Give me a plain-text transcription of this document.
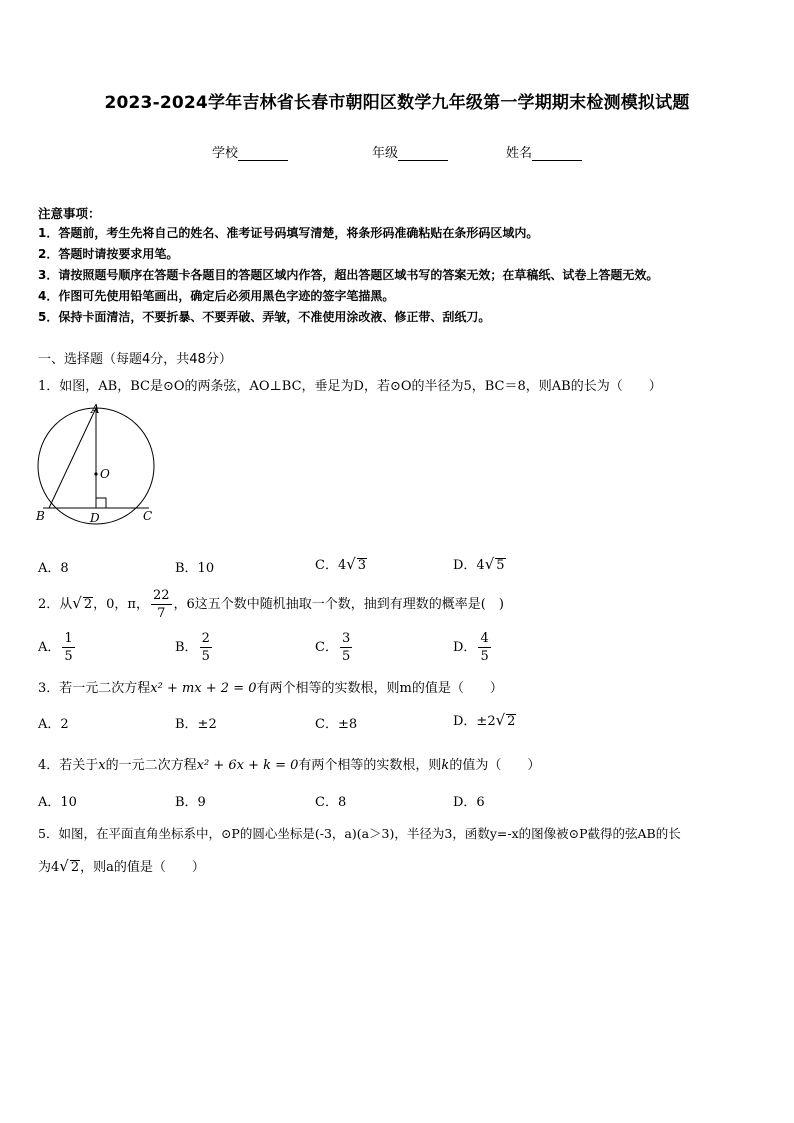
2023-2024学年吉林省长春市朝阳区数学九年级第一学期期末检测模拟试题
学校	年级	姓名
注意事项：
1．答题前，考生先将自己的姓名、准考证号码填写清楚，将条形码准确粘贴在条形码区域内。
2．答题时请按要求用笔。
3．请按照题号顺序在答题卡各题目的答题区域内作答，超出答题区域书写的答案无效；在草稿纸、试卷上答题无效。
4．作图可先使用铅笔画出，确定后必须用黑色字迹的签字笔描黑。
5．保持卡面清洁，不要折暴、不要弄破、弄皱，不准使用涂改液、修正带、刮纸刀。
一、选择题（每题4分，共48分）
1．如图，AB，BC是⊙O的两条弦，AO⊥BC，垂足为D，若⊙O的半径为5，BC＝8，则AB的长为（　　）
A
O
B	D	C
A．8	B．10	C．4√ 3	D．4√ 5
2．从√ 2，0，π， $\frac{22}{7}$ ，6这五个数中随机抽取一个数，抽到有理数的概率是(　)
A． $\frac{1}{5}$	B． $\frac{2}{5}$	C． $\frac{3}{5}$	D． $\frac{4}{5}$
3．若一元二次方程x² + mx + 2 = 0有两个相等的实数根，则m的值是（　　）
A．2	B．±2	C．±8	D．±2√ 2
4．若关于x的一元二次方程x² + 6x + k = 0有两个相等的实数根，则k的值为（　　）
A．10	B．9	C．8	D．6
5．如图，在平面直角坐标系中，⊙P的圆心坐标是(-3，a)(a＞3)，半径为3，函数y=-x的图像被⊙P截得的弦AB的长
为4√ 2，则a的值是（　　）
